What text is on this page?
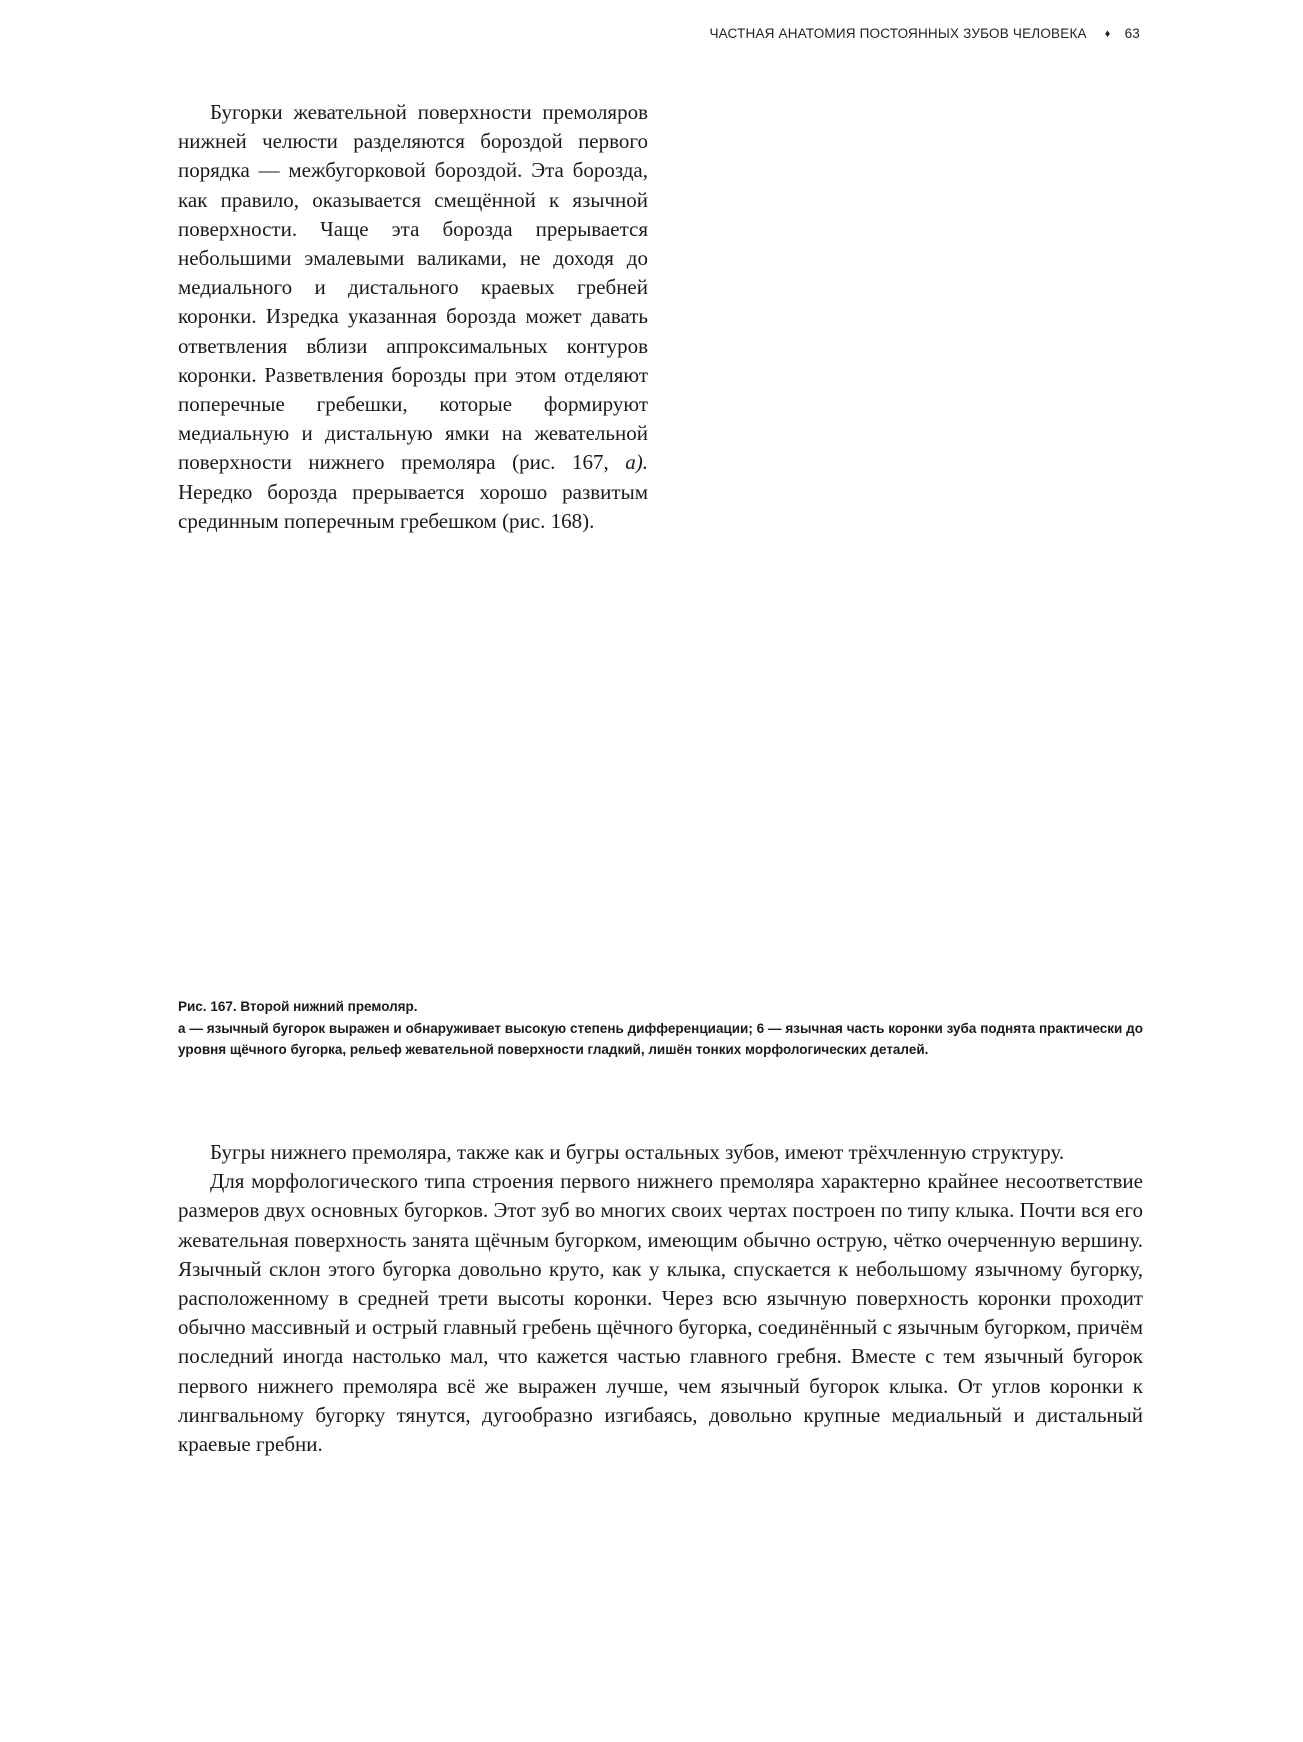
ЧАСТНАЯ АНАТОМИЯ ПОСТОЯННЫХ ЗУБОВ ЧЕЛОВЕКА ♦ 63

Бугорки жевательной поверхности премоляров нижней челюсти разделяются бороздой первого порядка — межбугорковой бороздой. Эта борозда, как правило, оказывается смещённой к язычной поверхности. Чаще эта борозда прерывается небольшими эмалевыми валиками, не доходя до медиального и дистального краевых гребней коронки. Изредка указанная борозда может давать ответвления вблизи аппроксимальных контуров коронки. Разветвления борозды при этом отделяют поперечные гребешки, которые формируют медиальную и дистальную ямки на жевательной поверхности нижнего премоляра (рис. 167, а). Нередко борозда прерывается хорошо развитым срединным поперечным гребешком (рис. 168).

Рис. 167. Второй нижний премоляр.
а — язычный бугорок выражен и обнаруживает высокую степень дифференциации; 6 — язычная часть коронки зуба поднята практически до уровня щёчного бугорка, рельеф жевательной поверхности гладкий, лишён тонких морфологических деталей.

Бугры нижнего премоляра, также как и бугры остальных зубов, имеют трёхчленную структуру.

Для морфологического типа строения первого нижнего премоляра характерно крайнее несоответствие размеров двух основных бугорков. Этот зуб во многих своих чертах построен по типу клыка. Почти вся его жевательная поверхность занята щёчным бугорком, имеющим обычно острую, чётко очерченную вершину. Язычный склон этого бугорка довольно круто, как у клыка, спускается к небольшому язычному бугорку, расположенному в средней трети высоты коронки. Через всю язычную поверхность коронки проходит обычно массивный и острый главный гребень щёчного бугорка, соединённый с язычным бугорком, причём последний иногда настолько мал, что кажется частью главного гребня. Вместе с тем язычный бугорок первого нижнего премоляра всё же выражен лучше, чем язычный бугорок клыка. От углов коронки к лингвальному бугорку тянутся, дугообразно изгибаясь, довольно крупные медиальный и дистальный краевые гребни.
